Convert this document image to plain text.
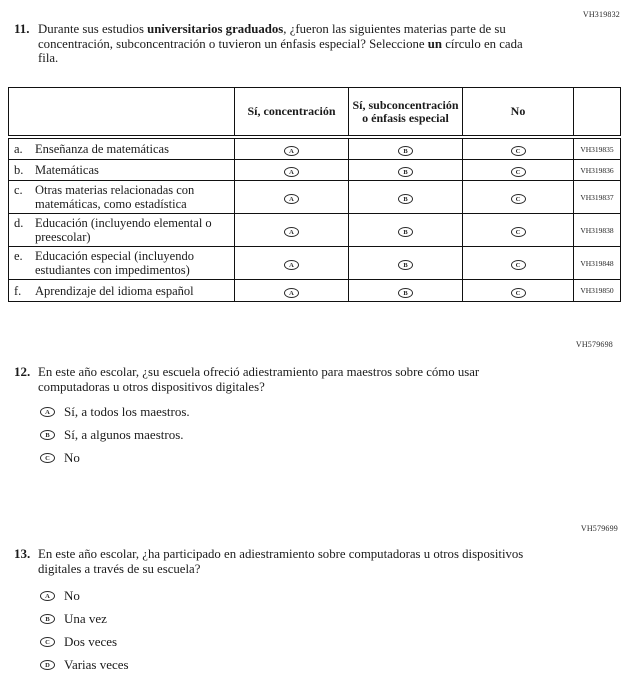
VH319832
11. Durante sus estudios universitarios graduados, ¿fueron las siguientes materias parte de su concentración, subconcentración o tuvieron un énfasis especial? Seleccione un círculo en cada fila.
	Sí, concentración	Sí, subconcentración o énfasis especial	No	

a. Enseñanza de matemáticas	A	B	C	VH319835

b. Matemáticas	A	B	C	VH319836

c. Otras materias relacionadas con matemáticas, como estadística	A	B	C	VH319837

d. Educación (incluyendo elemental o preescolar)	A	B	C	VH319838

e. Educación especial (incluyendo estudiantes con impedimentos)	A	B	C	VH319848

f. Aprendizaje del idioma español	A	B	C	VH319850
VH579698
12. En este año escolar, ¿su escuela ofreció adiestramiento para maestros sobre cómo usar computadoras u otros dispositivos digitales?
A	Sí, a todos los maestros.
B	Sí, a algunos maestros.
C	No
VH579699
13. En este año escolar, ¿ha participado en adiestramiento sobre computadoras u otros dispositivos digitales a través de su escuela?
A	No
B	Una vez
C	Dos veces
D	Varias veces
